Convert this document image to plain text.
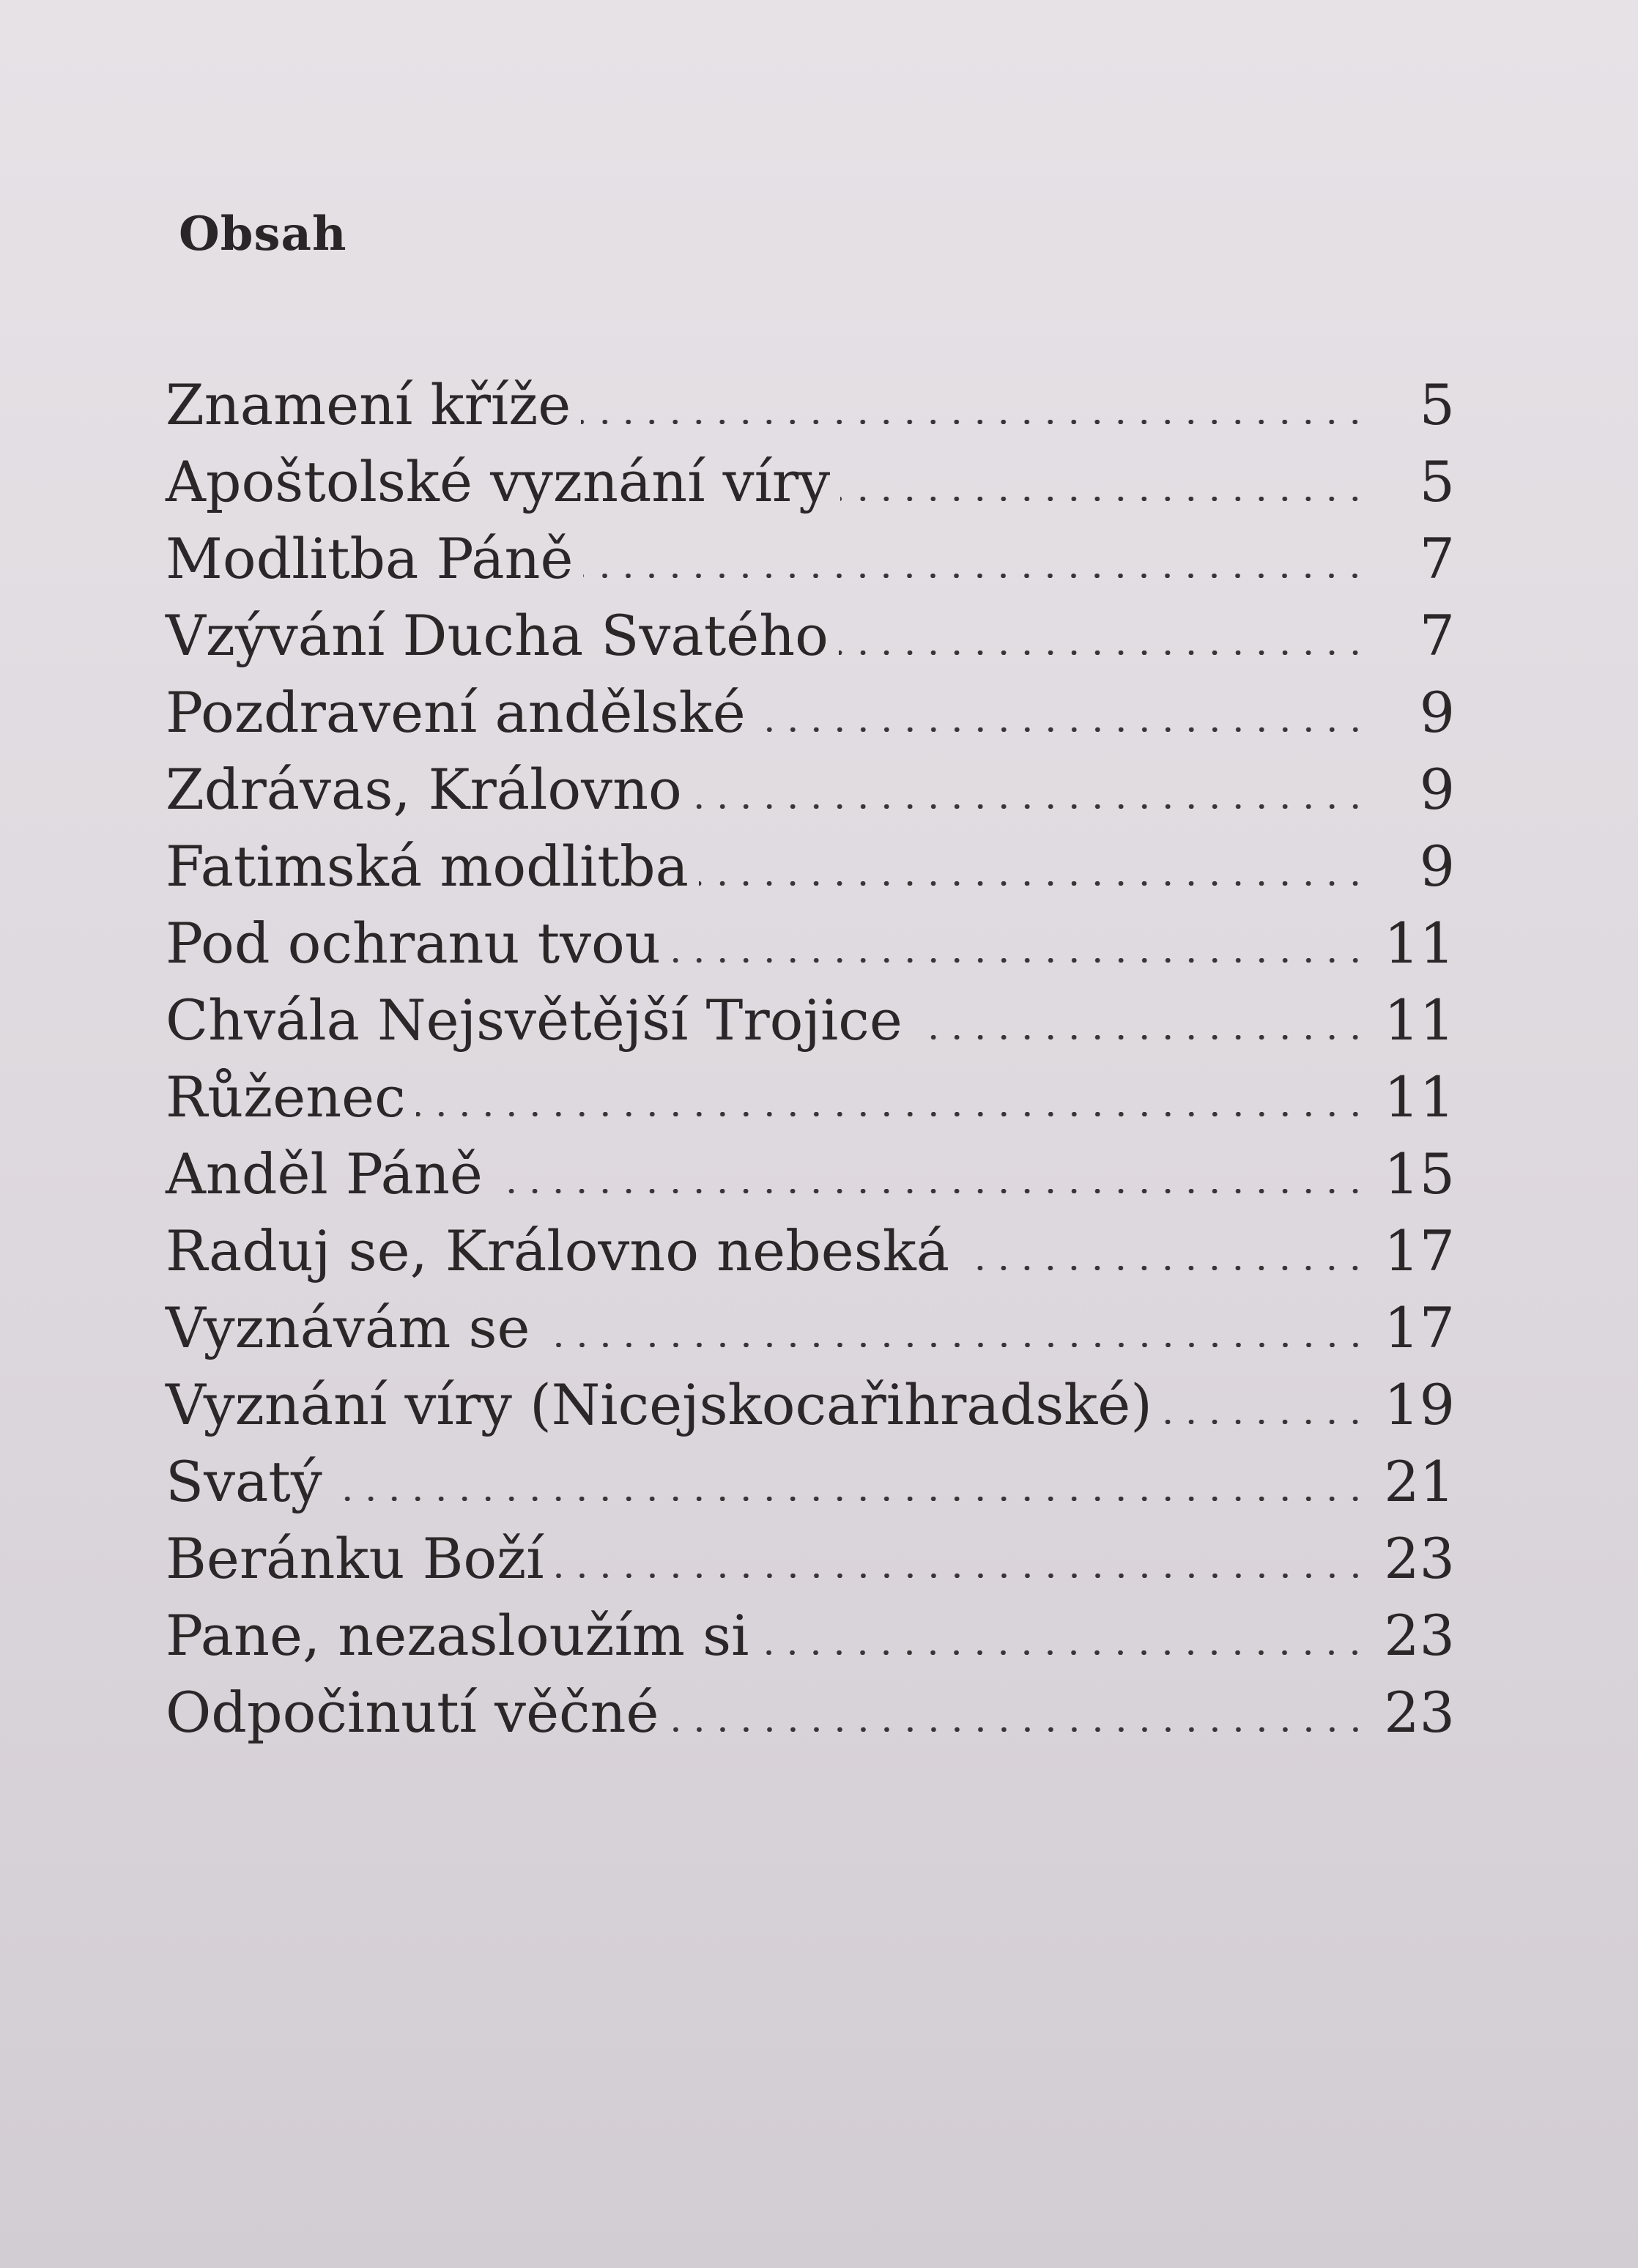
Obsah
Znamení kříže	5
Apoštolské vyznání víry	5
Modlitba Páně	7
Vzývání Ducha Svatého	7
Pozdravení andělské	9
Zdrávas, Královno	9
Fatimská modlitba	9
Pod ochranu tvou	11
Chvála Nejsvětější Trojice	11
Růženec	11
Anděl Páně	15
Raduj se, Královno nebeská	17
Vyznávám se	17
Vyznání víry (Nicejskocařihradské)	19
Svatý	21
Beránku Boží	23
Pane, nezasloužím si	23
Odpočinutí věčné	23
